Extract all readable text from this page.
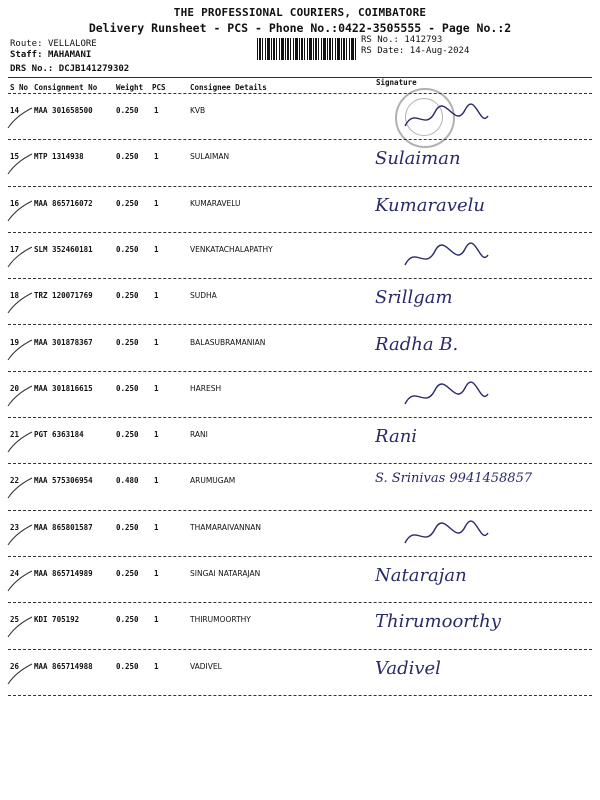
THE PROFESSIONAL COURIERS, COIMBATORE
Delivery Runsheet - PCS - Phone No.:0422-3505555 - Page No.:2
Route: VELLALORE
Staff: MAHAMANI
DRS No.: DCJB141279302
RS No.: 1412793
RS Date: 14-Aug-2024
S No Consignment No	Weight PCS	Consignee Details
Signature
14 MAA 301658500	0.250 1	KVB
15 MTP 1314938	0.250 1	SULAIMAN	Sulaiman
16 MAA 865716072	0.250 1	KUMARAVELU	Kumaravelu
17 SLM 352460181	0.250 1	VENKATACHALAPATHY
18 TRZ 120071769	0.250 1	SUDHA	Srillgam
19 MAA 301878367	0.250 1	BALASUBRAMANIAN	Radha B.
20 MAA 301816615	0.250 1	HARESH
21 PGT 6363184	0.250 1	RANI	Rani
22 MAA 575306954	0.480 1	ARUMUGAM	S. Srinivas 9941458857
23 MAA 865801587	0.250 1	THAMARAIVANNAN
24 MAA 865714989	0.250 1	SINGAI NATARAJAN	Natarajan
25 KDI 705192	0.250 1	THIRUMOORTHY	Thirumoorthy
26 MAA 865714988	0.250 1	VADIVEL	Vadivel
